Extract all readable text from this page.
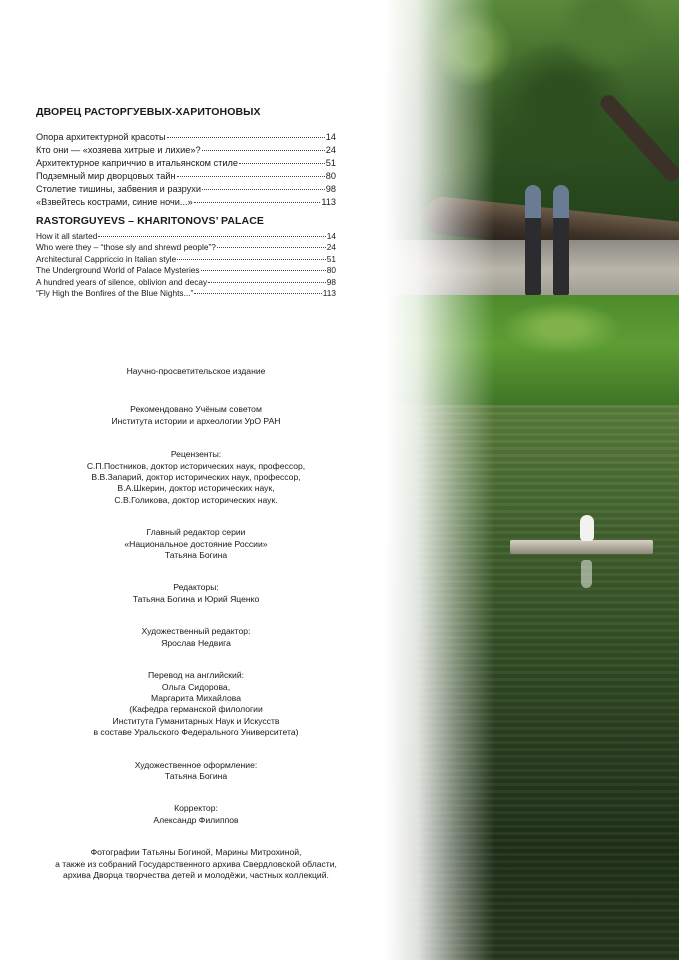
ДВОРЕЦ РАСТОРГУЕВЫХ-ХАРИТОНОВЫХ
Опора архитектурной красоты	14
Кто они — «хозяева хитрые и лихие»?	24
Архитектурное каприччио в итальянском стиле	51
Подземный мир дворцовых тайн	80
Столетие тишины, забвения и разрухи	98
«Взвейтесь кострами, синие ночи...»	113
RASTORGUYEVS – KHARITONOVS’ PALACE
How it all started	14
Who were they – “those sly and shrewd people”?	24
Architectural Cappriccio in Italian style	51
The Underground World of Palace Mysteries	80
A hundred years of silence, oblivion and decay	98
“Fly High the Bonfires of the Blue Nights...”	113
Научно-просветительское издание
Рекомендовано Учёным советом
Института истории и археологии УрО РАН
Рецензенты:
С.П.Постников, доктор исторических наук, профессор,
В.В.Запарий, доктор исторических наук, профессор,
В.А.Шкерин, доктор исторических наук,
С.В.Голикова, доктор исторических наук.
Главный редактор серии
«Национальное достояние России»
Татьяна Богина
Редакторы:
Татьяна Богина и Юрий Яценко
Художественный редактор:
Ярослав Недвига
Перевод на английский:
Ольга Сидорова,
Маргарита Михайлова
(Кафедра германской филологии
Института Гуманитарных Наук и Искусств
в составе Уральского Федерального Университета)
Художественное оформление:
Татьяна Богина
Корректор:
Александр Филиппов
Фотографии Татьяны Богиной, Марины Митрохиной,
а также из собраний Государственного архива Свердловской области,
архива Дворца творчества детей и молодёжи, частных коллекций.
